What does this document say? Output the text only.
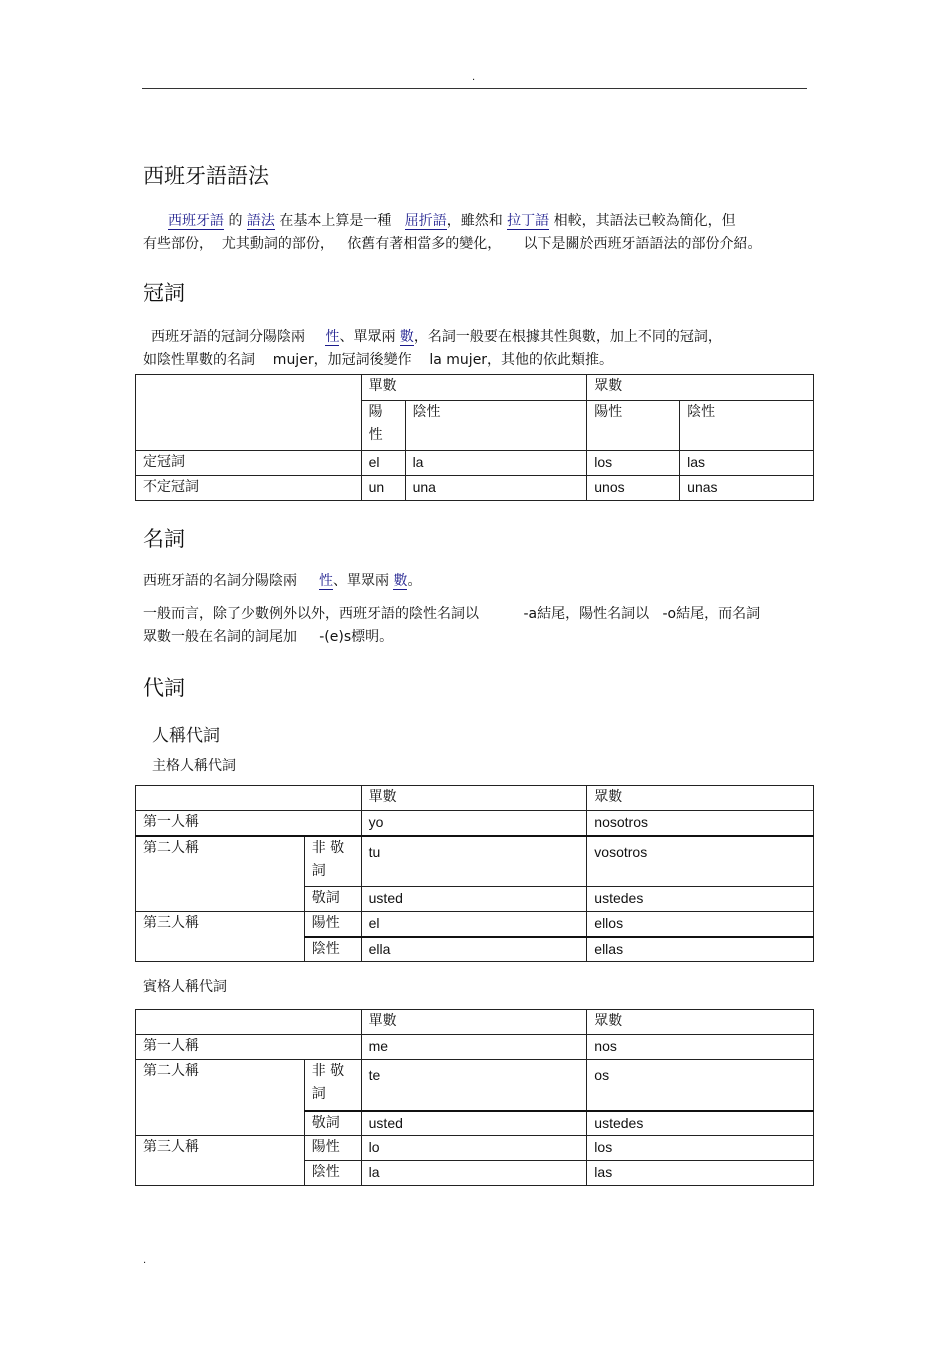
.
西班牙語語法
西班牙語 的 語法 在基本上算是一種 屈折語，雖然和 拉丁語 相較，其語法已較為簡化，但
有些部份，  尤其動詞的部份，   依舊有著相當多的變化，     以下是關於西班牙語語法的部份介紹。
冠詞
西班牙語的冠詞分陽陰兩 性、單眾兩 數，名詞一般要在根據其性與數，加上不同的冠詞，
如陰性單數的名詞    mujer，加冠詞後變作    la mujer，其他的依此類推。
	單數		眾數	

	陽
性	陰性	陽性	陰性
定冠詞	el	la	los	las
不定冠詞	un	una	unos	unas
名詞
西班牙語的名詞分陽陰兩 性、單眾兩 數。
一般而言，除了少數例外以外，西班牙語的陰性名詞以          -a結尾，陽性名詞以   -o結尾，而名詞
眾數一般在名詞的詞尾加     -(e)s標明。
代詞
人稱代詞
主格人稱代詞
		單數	眾數
第一人稱		yo	nosotros
第二人稱	非 敬
詞	tu	vosotros
	敬詞	usted	ustedes
第三人稱	陽性	el	ellos
	陰性	ella	ellas
賓格人稱代詞
		單數	眾數
第一人稱		me	nos
第二人稱	非 敬
詞	te	os
	敬詞	usted	ustedes
第三人稱	陽性	lo	los
	陰性	la	las
.
